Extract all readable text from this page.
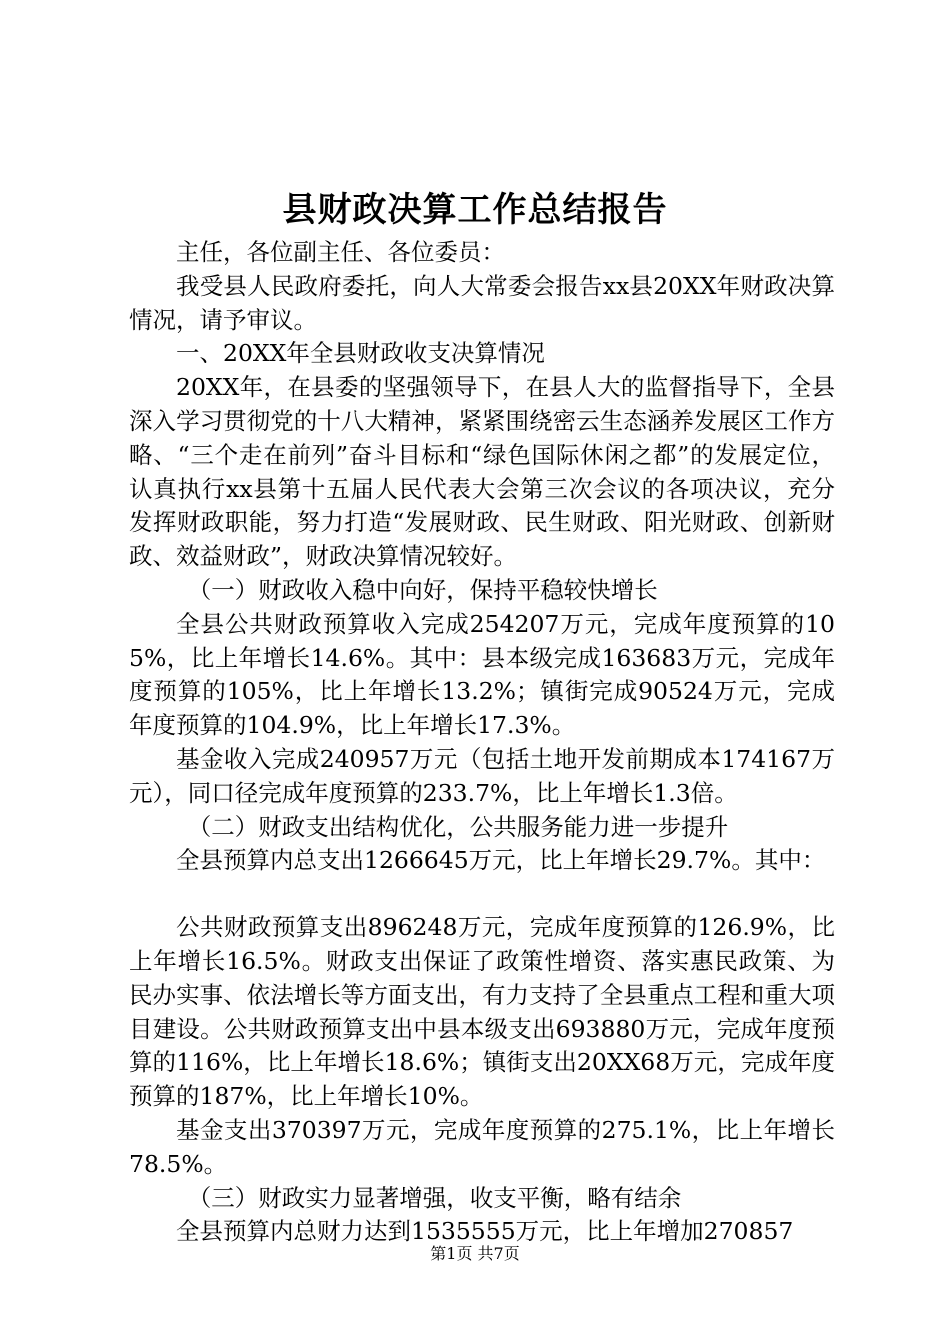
县财政决算工作总结报告

主任，各位副主任、各位委员：

我受县人民政府委托，向人大常委会报告xx县20XX年财政决算情况，请予审议。

一、20XX年全县财政收支决算情况

20XX年，在县委的坚强领导下，在县人大的监督指导下，全县深入学习贯彻党的十八大精神，紧紧围绕密云生态涵养发展区工作方略、“三个走在前列”奋斗目标和“绿色国际休闲之都”的发展定位，认真执行xx县第十五届人民代表大会第三次会议的各项决议，充分发挥财政职能，努力打造“发展财政、民生财政、阳光财政、创新财政、效益财政”，财政决算情况较好。

（一）财政收入稳中向好，保持平稳较快增长

全县公共财政预算收入完成254207万元，完成年度预算的105%，比上年增长14.6%。其中：县本级完成163683万元，完成年度预算的105%，比上年增长13.2%；镇街完成90524万元，完成年度预算的104.9%，比上年增长17.3%。

基金收入完成240957万元（包括土地开发前期成本174167万元），同口径完成年度预算的233.7%，比上年增长1.3倍。

（二）财政支出结构优化，公共服务能力进一步提升

全县预算内总支出1266645万元，比上年增长29.7%。其中：

公共财政预算支出896248万元，完成年度预算的126.9%，比上年增长16.5%。财政支出保证了政策性增资、落实惠民政策、为民办实事、依法增长等方面支出，有力支持了全县重点工程和重大项目建设。公共财政预算支出中县本级支出693880万元，完成年度预算的116%，比上年增长18.6%；镇街支出20XX68万元，完成年度预算的187%，比上年增长10%。

基金支出370397万元，完成年度预算的275.1%，比上年增长78.5%。

（三）财政实力显著增强，收支平衡，略有结余

全县预算内总财力达到1535555万元，比上年增加270857

第1页 共7页
